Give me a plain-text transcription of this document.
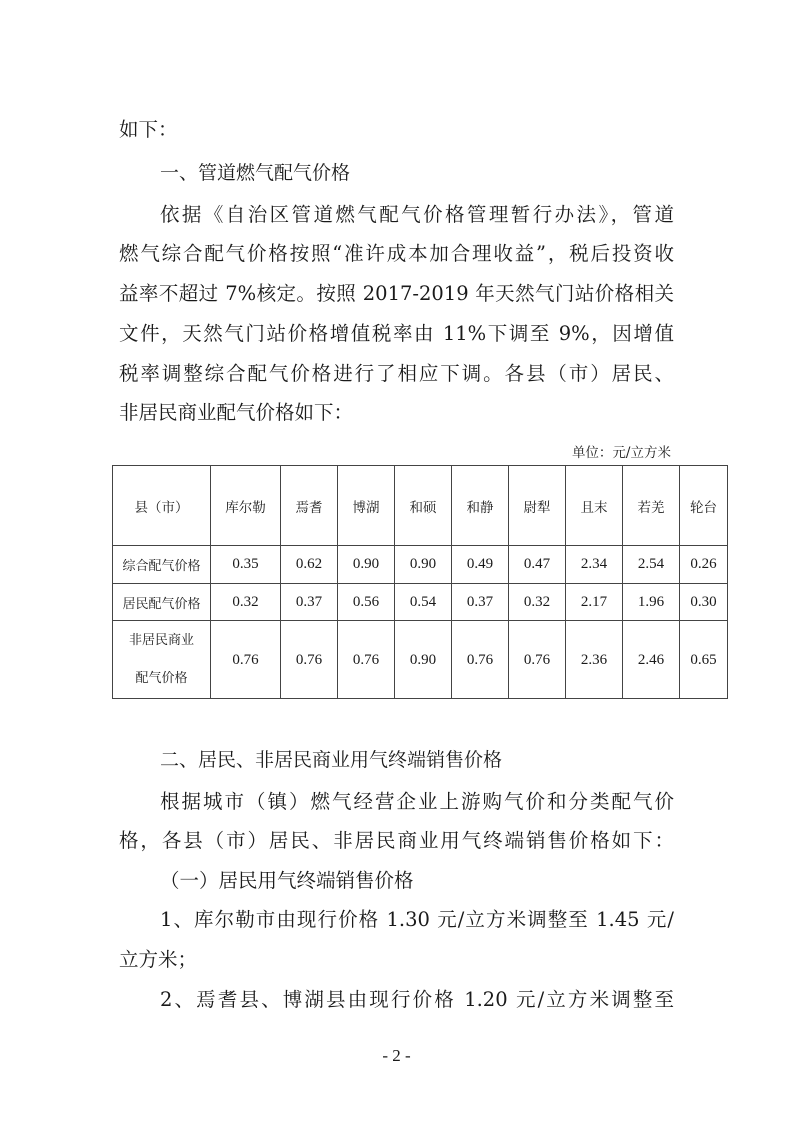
如下：
一、管道燃气配气价格
依据《自治区管道燃气配气价格管理暂行办法》，管道
燃气综合配气价格按照“准许成本加合理收益”，税后投资收
益率不超过 7%核定。按照 2017-2019 年天然气门站价格相关
文件，天然气门站价格增值税率由 11%下调至 9%，因增值
税率调整综合配气价格进行了相应下调。各县（市）居民、
非居民商业配气价格如下：
单位：元/立方米
县（市）	库尔勒	焉耆	博湖	和硕	和静	尉犁	且末	若羌	轮台
综合配气价格	0.35	0.62	0.90	0.90	0.49	0.47	2.34	2.54	0.26
居民配气价格	0.32	0.37	0.56	0.54	0.37	0.32	2.17	1.96	0.30

非居民商业
配气价格	0.76	0.76	0.76	0.90	0.76	0.76	2.36	2.46	0.65
二、居民、非居民商业用气终端销售价格
根据城市（镇）燃气经营企业上游购气价和分类配气价
格，各县（市）居民、非居民商业用气终端销售价格如下：
（一）居民用气终端销售价格
1、库尔勒市由现行价格 1.30 元/立方米调整至 1.45 元/
立方米；
2、焉耆县、博湖县由现行价格 1.20 元/立方米调整至
- 2 -
